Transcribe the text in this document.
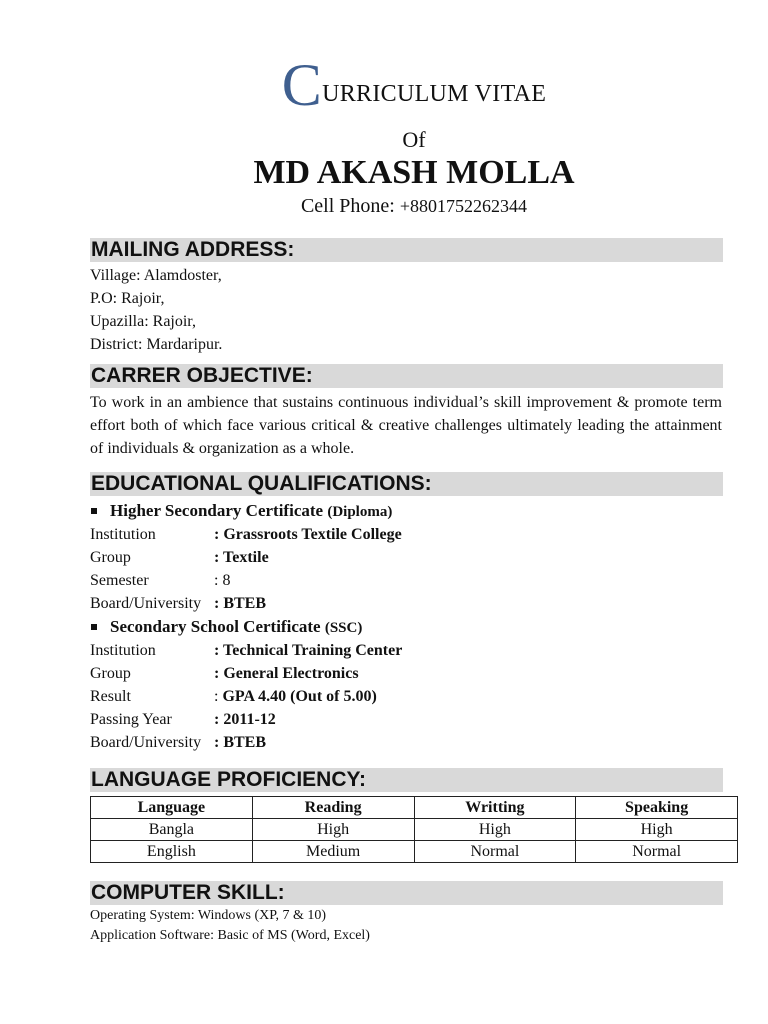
CURRICULUM VITAE
Of
MD AKASH MOLLA
Cell Phone: +8801752262344
MAILING ADDRESS:
Village: Alamdoster,
P.O: Rajoir,
Upazilla: Rajoir,
District: Mardaripur.
CARRER OBJECTIVE:
To work in an ambience that sustains continuous individual’s skill improvement & promote term effort both of which face various critical & creative challenges ultimately leading the attainment of individuals & organization as a whole.
EDUCATIONAL QUALIFICATIONS:
Higher Secondary Certificate (Diploma)
Institution	: Grassroots Textile College
Group	: Textile
Semester	: 8
Board/University : BTEB
Secondary School Certificate (SSC)
Institution	: Technical Training Center
Group	: General Electronics
Result	: GPA 4.40 (Out of 5.00)
Passing Year	: 2011-12
Board/University : BTEB
LANGUAGE PROFICIENCY:
Language	Reading	Writting	Speaking
Bangla	High	High	High
English	Medium	Normal	Normal
COMPUTER SKILL:
Operating System: Windows (XP, 7 & 10)
Application Software: Basic of MS (Word, Excel)
